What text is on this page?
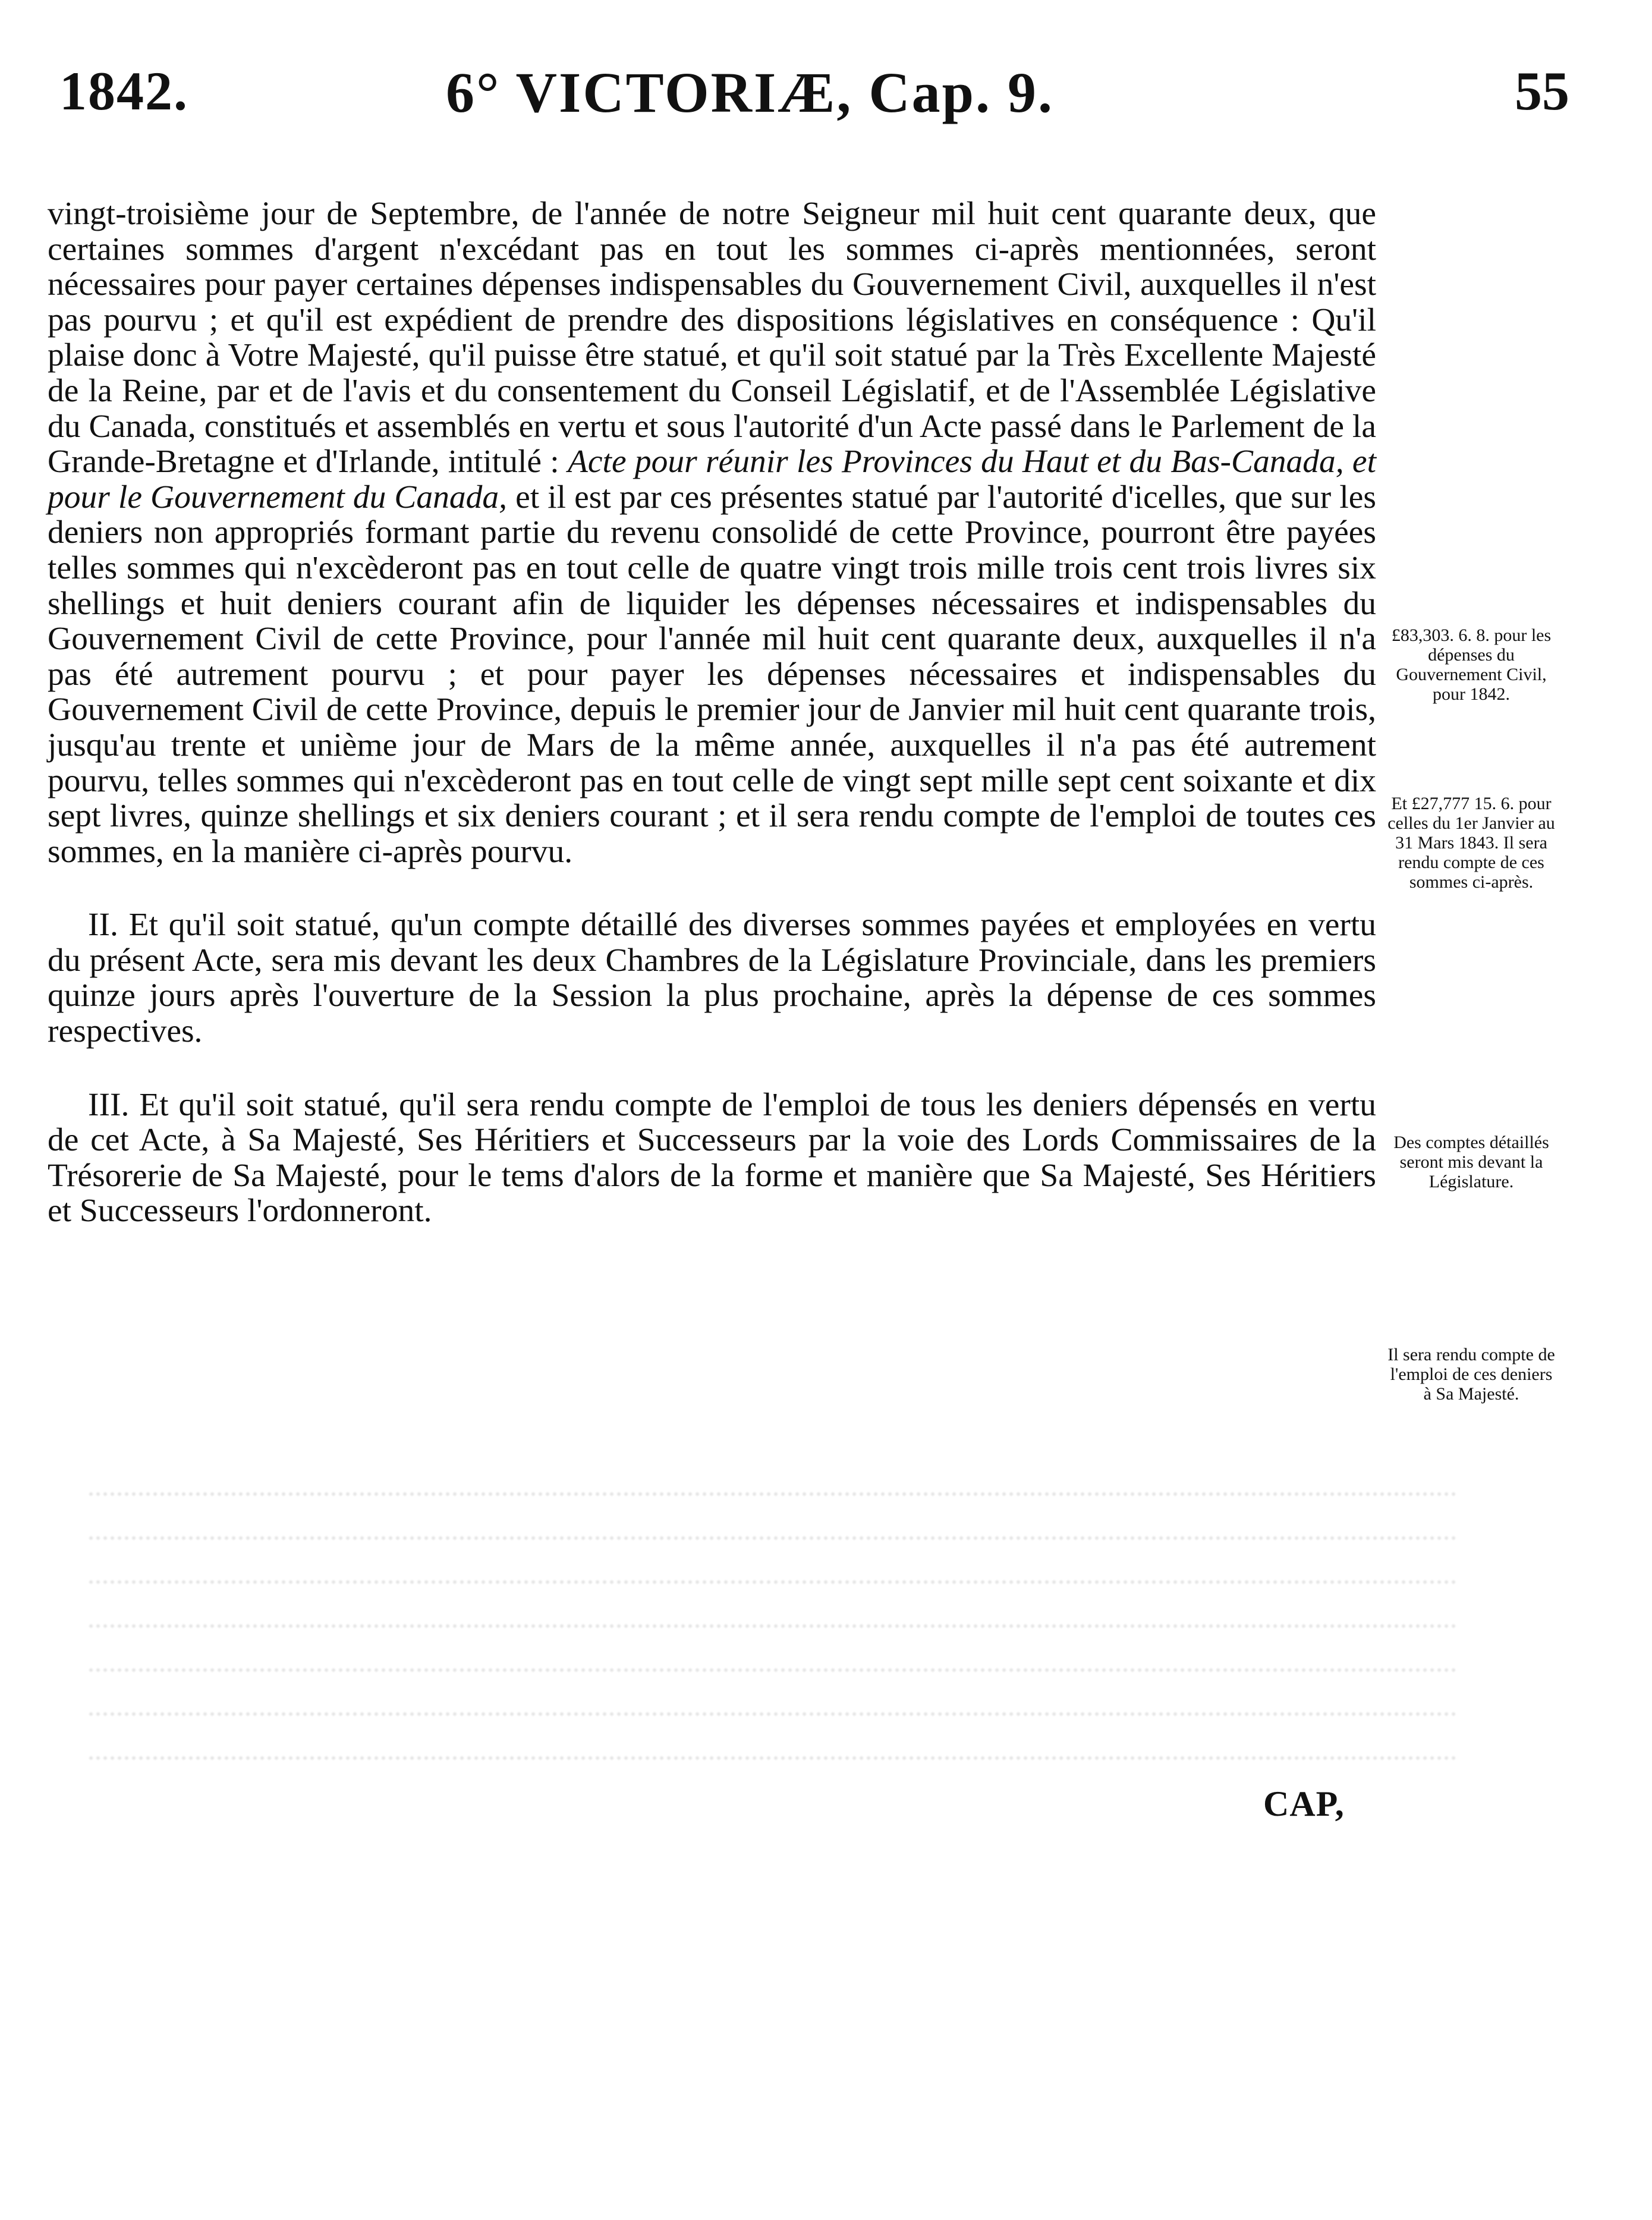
1842.	6° VICTORIÆ, Cap. 9.	55

vingt-troisième jour de Septembre, de l'année de notre Seigneur mil huit cent quarante deux, que certaines sommes d'argent n'excédant pas en tout les sommes ci-après mentionnées, seront nécessaires pour payer certaines dépenses indispensables du Gouvernement Civil, auxquelles il n'est pas pourvu ; et qu'il est expédient de prendre des dispositions législatives en conséquence : Qu'il plaise donc à Votre Majesté, qu'il puisse être statué, et qu'il soit statué par la Très Excellente Majesté de la Reine, par et de l'avis et du consentement du Conseil Législatif, et de l'Assemblée Législative du Canada, constitués et assemblés en vertu et sous l'autorité d'un Acte passé dans le Parlement de la Grande-Bretagne et d'Irlande, intitulé : Acte pour réunir les Provinces du Haut et du Bas-Canada, et pour le Gouvernement du Canada, et il est par ces présentes statué par l'autorité d'icelles, que sur les deniers non appropriés formant partie du revenu consolidé de cette Province, pourront être payées telles sommes qui n'excèderont pas en tout celle de quatre vingt trois mille trois cent trois livres six shellings et huit deniers courant afin de liquider les dépenses nécessaires et indispensables du Gouvernement Civil de cette Province, pour l'année mil huit cent quarante deux, auxquelles il n'a pas été autrement pourvu ; et pour payer les dépenses nécessaires et indispensables du Gouvernement Civil de cette Province, depuis le premier jour de Janvier mil huit cent quarante trois, jusqu'au trente et unième jour de Mars de la même année, auxquelles il n'a pas été autrement pourvu, telles sommes qui n'excèderont pas en tout celle de vingt sept mille sept cent soixante et dix sept livres, quinze shellings et six deniers courant ; et il sera rendu compte de l'emploi de toutes ces sommes, en la manière ci-après pourvu.

II. Et qu'il soit statué, qu'un compte détaillé des diverses sommes payées et employées en vertu du présent Acte, sera mis devant les deux Chambres de la Législature Provinciale, dans les premiers quinze jours après l'ouverture de la Session la plus prochaine, après la dépense de ces sommes respectives.

III. Et qu'il soit statué, qu'il sera rendu compte de l'emploi de tous les deniers dépensés en vertu de cet Acte, à Sa Majesté, Ses Héritiers et Successeurs par la voie des Lords Commissaires de la Trésorerie de Sa Majesté, pour le tems d'alors de la forme et manière que Sa Majesté, Ses Héritiers et Successeurs l'ordonneront.

£83,303. 6. 8. pour les dépenses du Gouvernement Civil, pour 1842.

Et £27,777 15. 6. pour celles du 1er Janvier au 31 Mars 1843. Il sera rendu compte de ces sommes ci-après.

Des comptes détaillés seront mis devant la Législature.

Il sera rendu compte de l'emploi de ces deniers à Sa Majesté.

CAP,
